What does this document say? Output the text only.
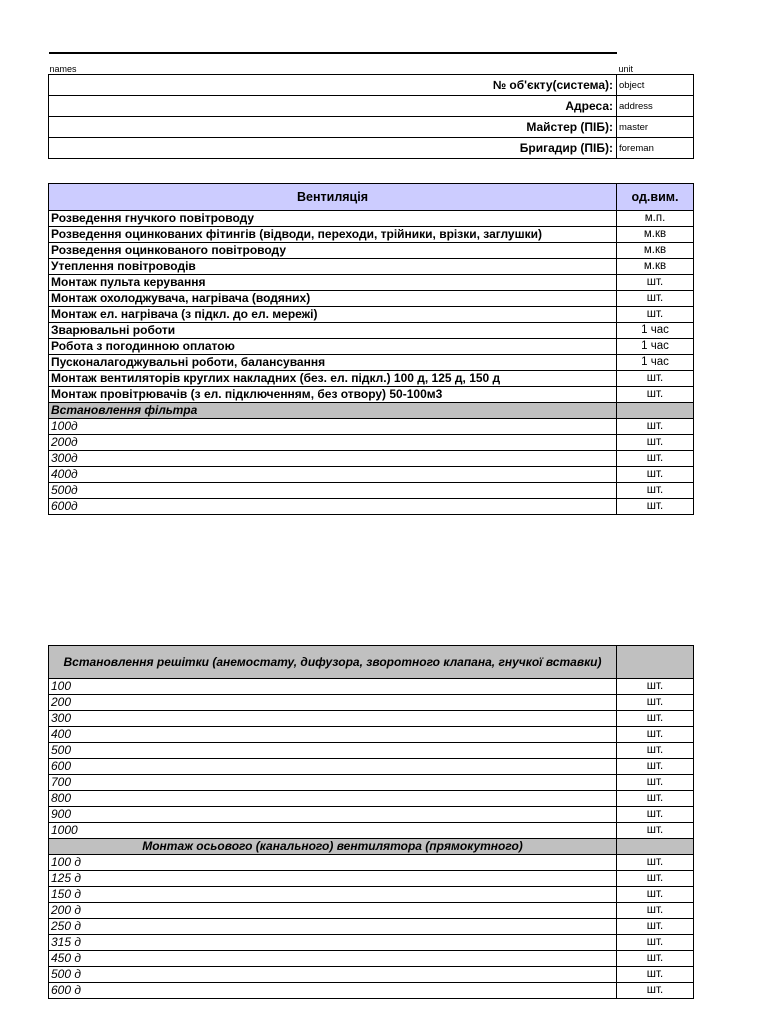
names	unit
№ об'єкту(система):	object
Адреса:	address
Майстер (ПІБ):	master
Бригадир (ПІБ):	foreman
Вентиляція	од.вим.
Розведення гнучкого повітроводу	м.п.
Розведення оцинкованих фітингів (відводи, переходи, трійники, врізки, заглушки)	м.кв
Розведення оцинкованого повітроводу	м.кв
Утеплення повітроводів	м.кв
Монтаж пульта керування	шт.
Монтаж охолоджувача, нагрівача (водяних)	шт.
Монтаж ел. нагрівача (з підкл. до ел. мережі)	шт.
Зварювальні роботи	1 час
Робота з погодинною оплатою	1 час
Пусконалагоджувальні роботи, балансування	1 час
Монтаж вентиляторів круглих накладних (без. ел. підкл.) 100 д, 125 д, 150 д	шт.
Монтаж провітрювачів (з ел. підключенням, без отвору) 50-100м3	шт.
Встановлення фільтра	
100д	шт.
200д	шт.
300д	шт.
400д	шт.
500д	шт.
600д	шт.
Встановлення решітки (анемостату, дифузора, зворотного клапана, гнучкої вставки)	
100	шт.
200	шт.
300	шт.
400	шт.
500	шт.
600	шт.
700	шт.
800	шт.
900	шт.
1000	шт.
Монтаж осьового (канального) вентилятора (прямокутного)	
100 д	шт.
125 д	шт.
150 д	шт.
200 д	шт.
250 д	шт.
315 д	шт.
450 д	шт.
500 д	шт.
600 д	шт.
